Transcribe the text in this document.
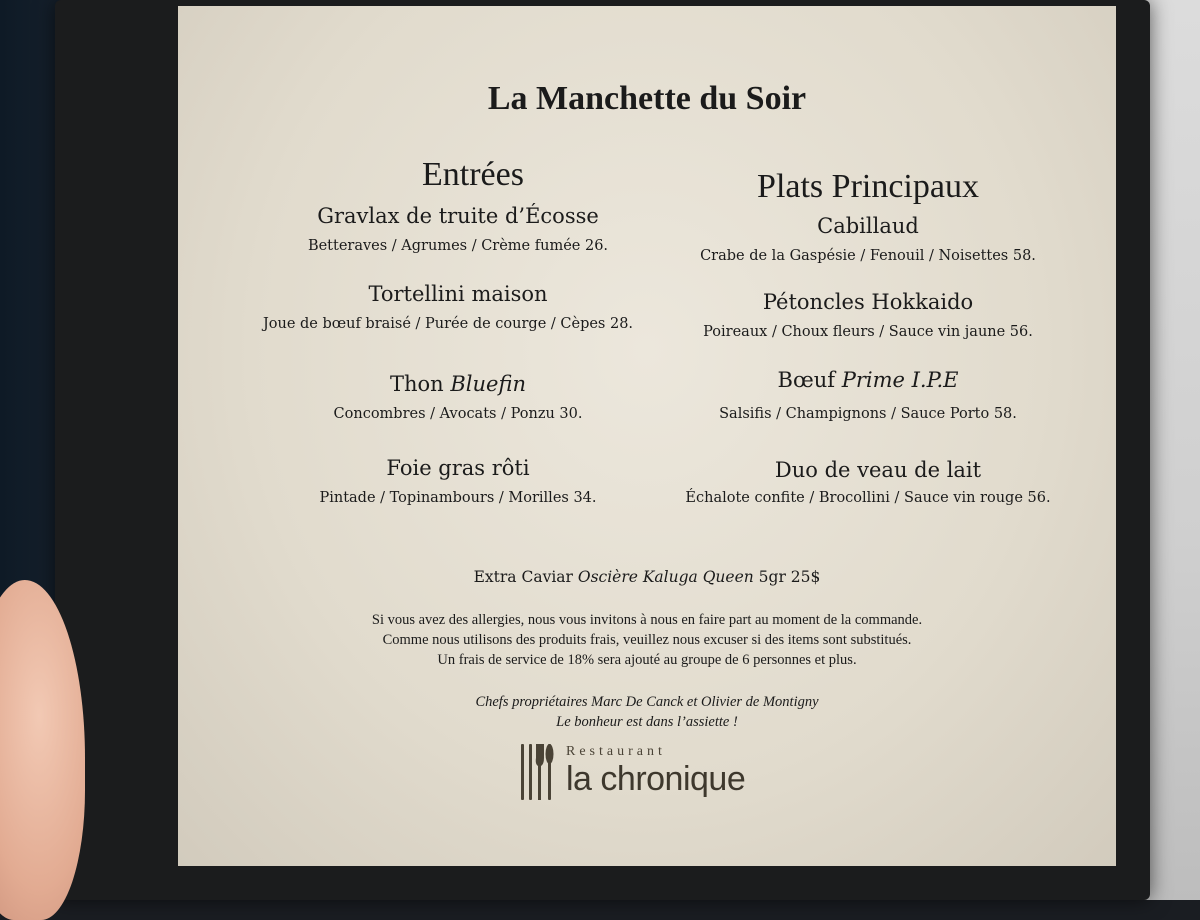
La Manchette du Soir
Entrées
Gravlax de truite d’Écosse
Betteraves / Agrumes / Crème fumée 26.
Tortellini maison
Joue de bœuf braisé / Purée de courge / Cèpes 28.
Thon Bluefin
Concombres / Avocats / Ponzu 30.
Foie gras rôti
Pintade / Topinambours / Morilles 34.
Plats Principaux
Cabillaud
Crabe de la Gaspésie / Fenouil / Noisettes 58.
Pétoncles Hokkaido
Poireaux / Choux fleurs / Sauce vin jaune 56.
Bœuf Prime I.P.E
Salsifis / Champignons / Sauce Porto 58.
Duo de veau de lait
Échalote confite / Brocollini / Sauce vin rouge 56.
Extra Caviar Oscière Kaluga Queen 5gr 25$
Si vous avez des allergies, nous vous invitons à nous en faire part au moment de la commande.
Comme nous utilisons des produits frais, veuillez nous excuser si des items sont substitués.
Un frais de service de 18% sera ajouté au groupe de 6 personnes et plus.
Chefs propriétaires Marc De Canck et Olivier de Montigny
Le bonheur est dans l’assiette !
Restaurant
la chronique
